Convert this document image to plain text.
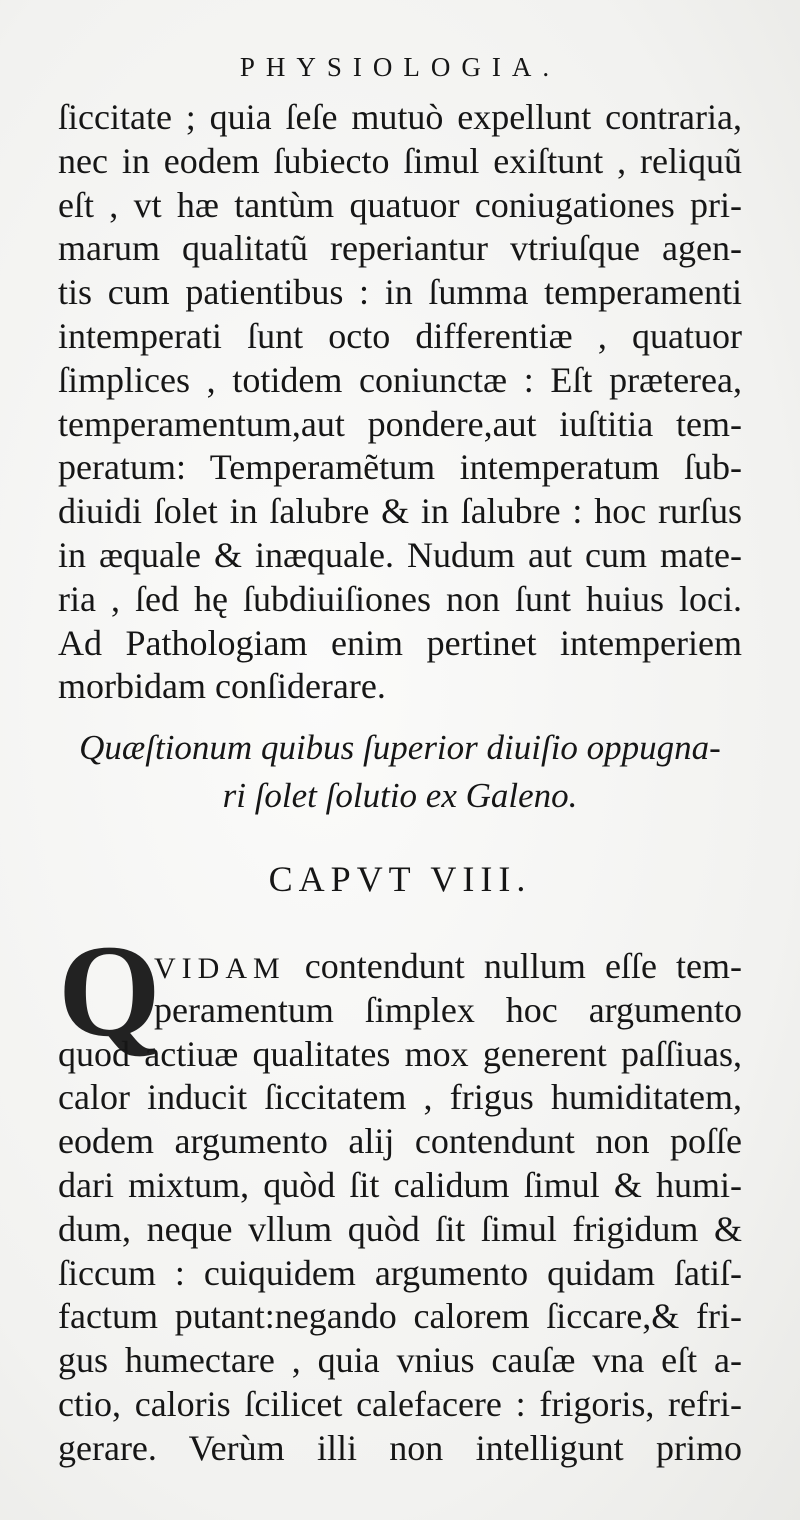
PHYSIOLOGIA.
ſiccitate ; quia ſeſe mutuò expellunt contraria,
nec in eodem ſubiecto ſimul exiſtunt , reliquũ
eſt , vt hæ tantùm quatuor coniugationes pri-
marum qualitatũ reperiantur vtriuſque agen-
tis cum patientibus : in ſumma temperamenti
intemperati ſunt octo differentiæ , quatuor
ſimplices , totidem coniunctæ : Eſt præterea,
temperamentum,aut pondere,aut iuſtitia tem-
peratum: Temperamẽtum intemperatum ſub-
diuidi ſolet in ſalubre & in ſalubre : hoc rurſus
in æquale & inæquale. Nudum aut cum mate-
ria , ſed hę ſubdiuiſiones non ſunt huius loci.
Ad Pathologiam enim pertinet intemperiem
morbidam conſiderare.
Quæſtionum quibus ſuperior diuiſio oppugna-
ri ſolet ſolutio ex Galeno.
CAPVT VIII.
Q
VIDAM contendunt nullum eſſe tem-
peramentum ſimplex hoc argumento
quod actiuæ qualitates mox generent paſſiuas,
calor inducit ſiccitatem , frigus humiditatem,
eodem argumento alij contendunt non poſſe
dari mixtum, quòd ſit calidum ſimul & humi-
dum, neque vllum quòd ſit ſimul frigidum &
ſiccum : cuiquidem argumento quidam ſatiſ-
factum putant:negando calorem ſiccare,& fri-
gus humectare , quia vnius cauſæ vna eſt a-
ctio, caloris ſcilicet calefacere : frigoris, refri-
gerare. Verùm illi non intelligunt primo
